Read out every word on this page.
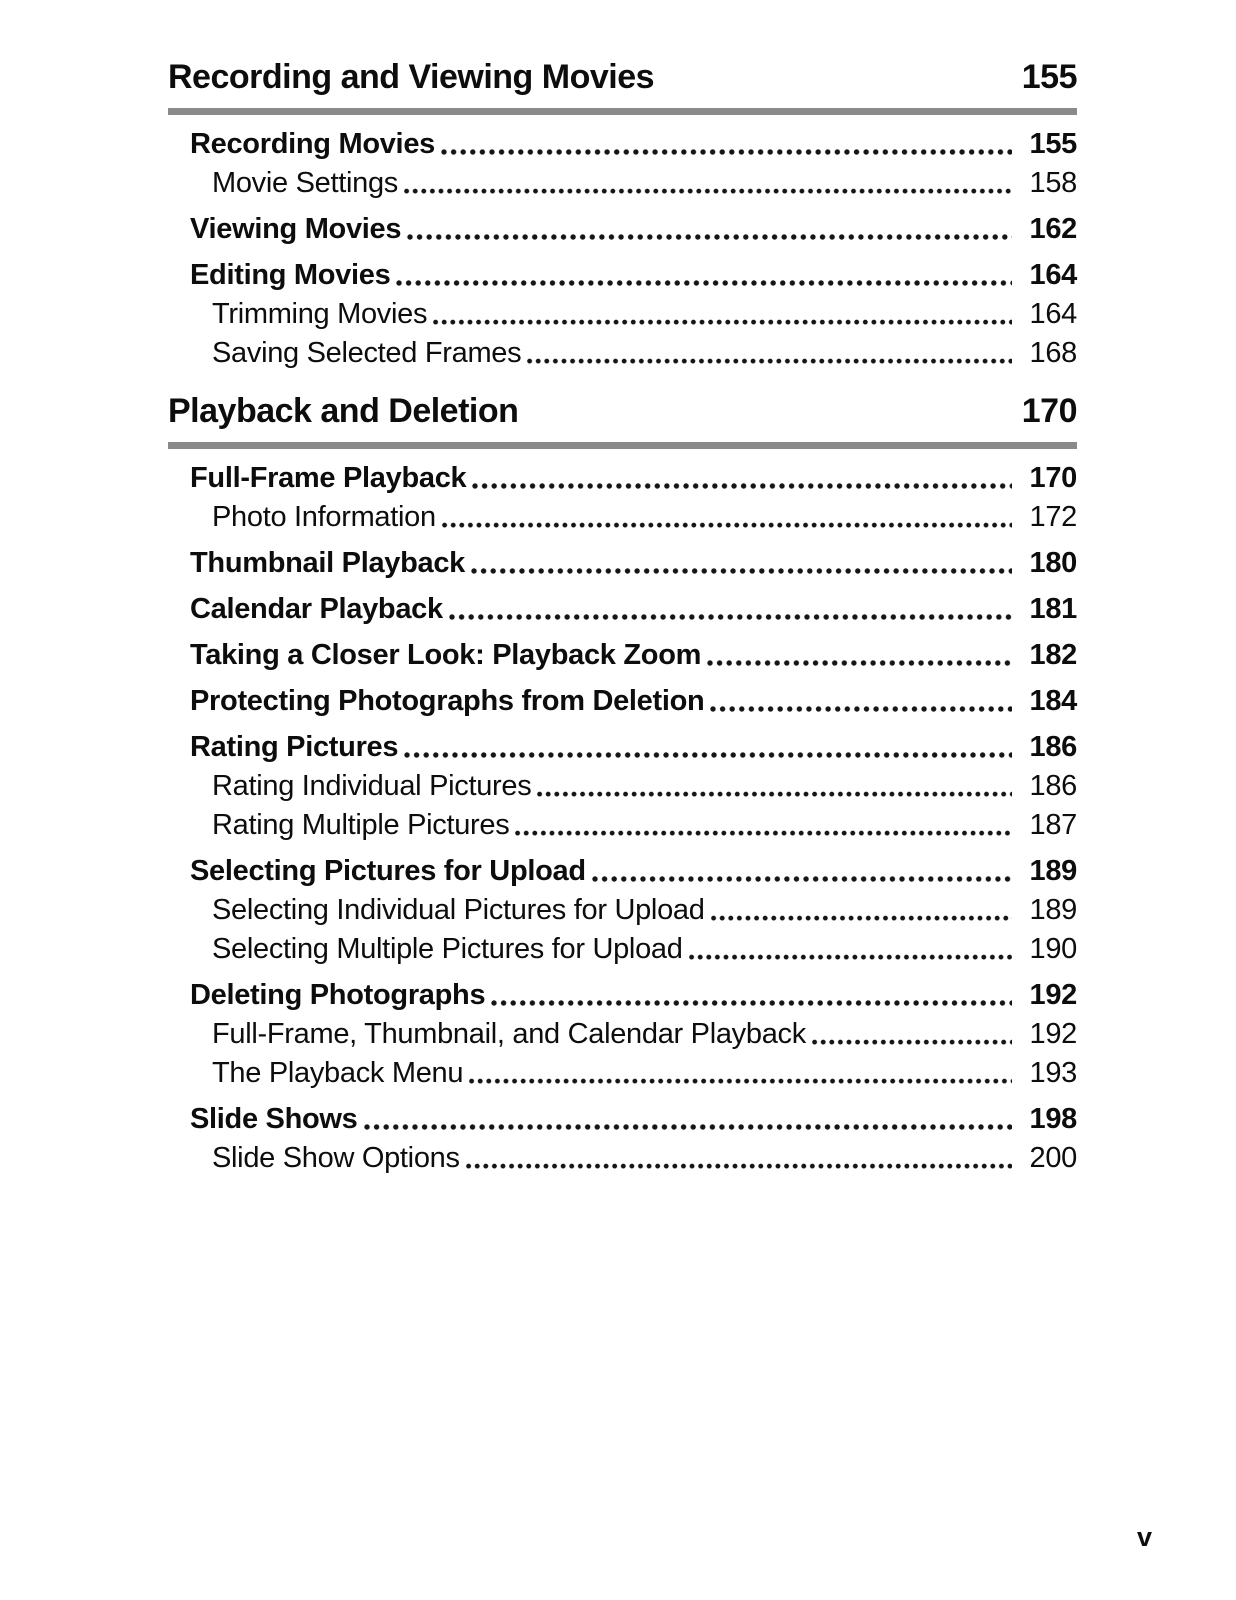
Recording and Viewing Movies	155
Recording Movies	155
Movie Settings	158
Viewing Movies	162
Editing Movies	164
Trimming Movies	164
Saving Selected Frames	168
Playback and Deletion	170
Full-Frame Playback	170
Photo Information	172
Thumbnail Playback	180
Calendar Playback	181
Taking a Closer Look: Playback Zoom	182
Protecting Photographs from Deletion	184
Rating Pictures	186
Rating Individual Pictures	186
Rating Multiple Pictures	187
Selecting Pictures for Upload	189
Selecting Individual Pictures for Upload	189
Selecting Multiple Pictures for Upload	190
Deleting Photographs	192
Full-Frame, Thumbnail, and Calendar Playback	192
The Playback Menu	193
Slide Shows	198
Slide Show Options	200
v
